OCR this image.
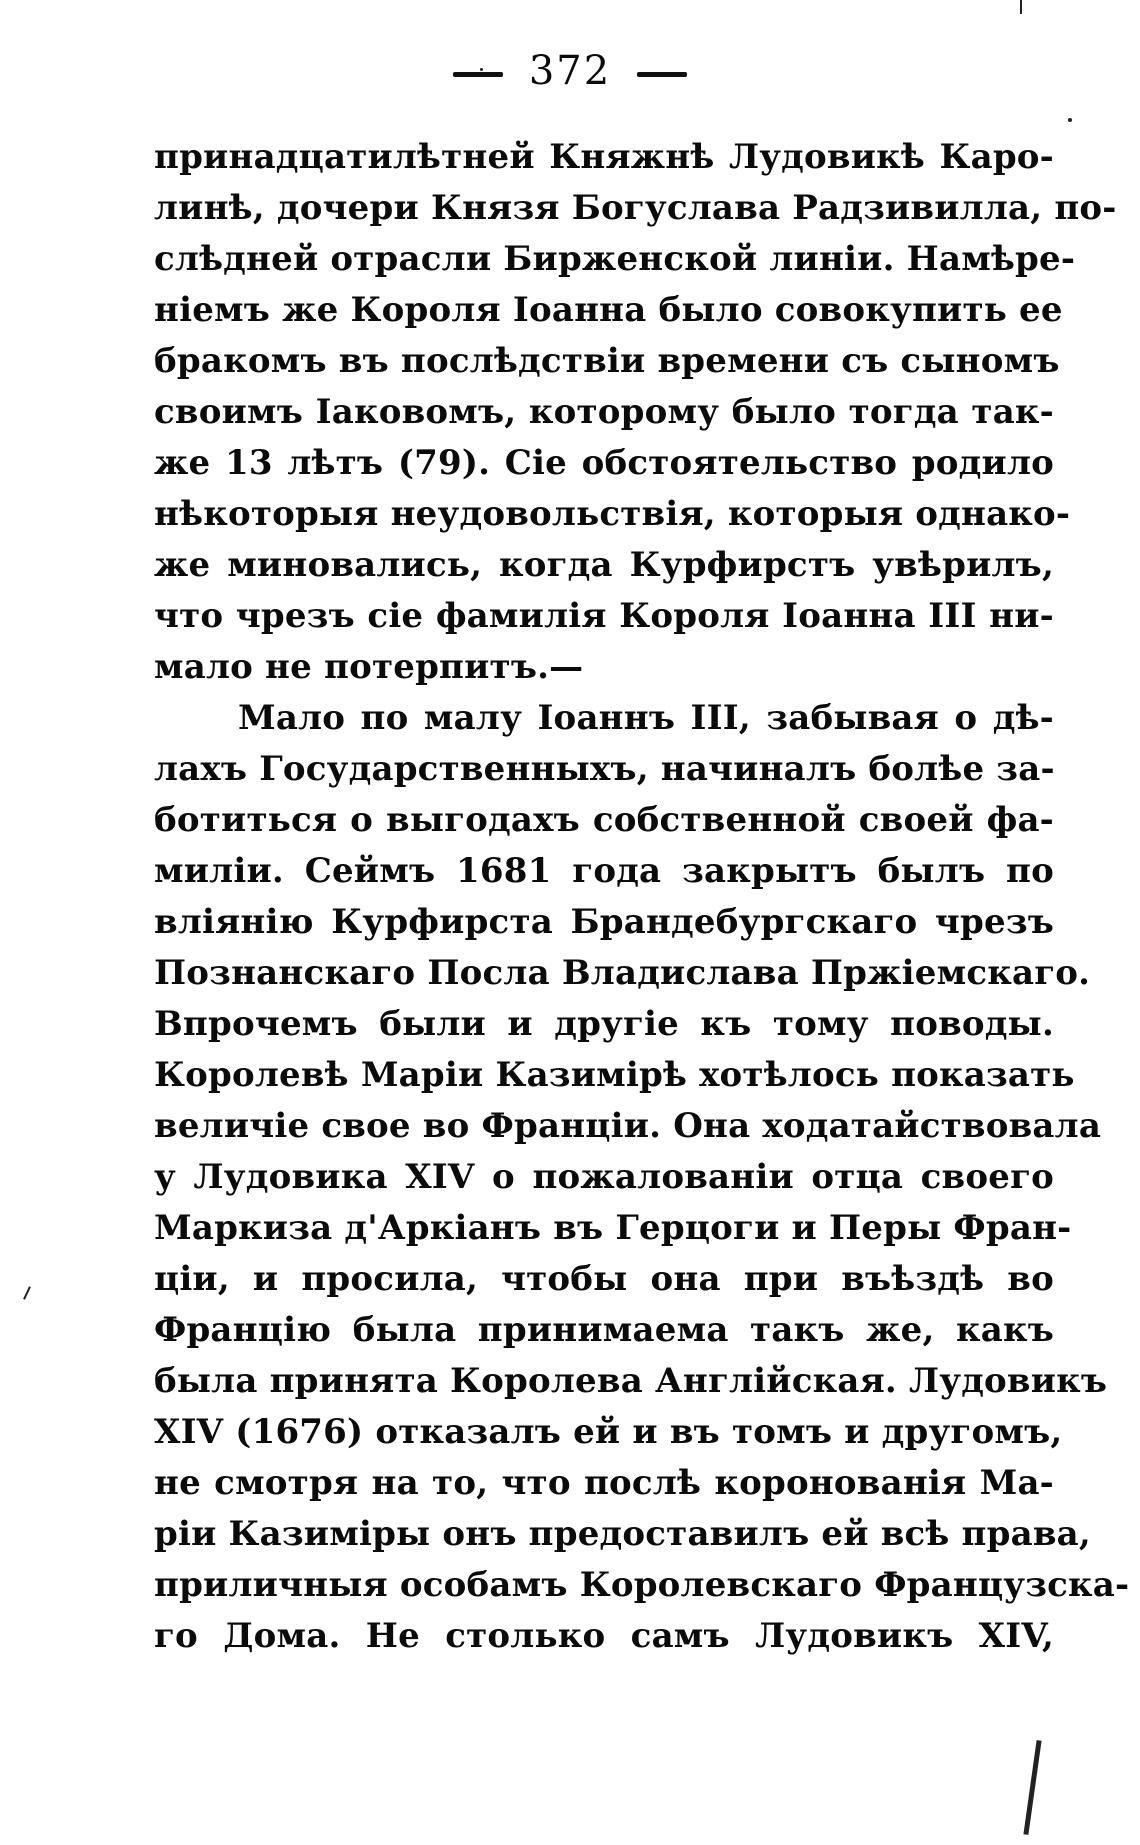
372
принадцатилѣтней Княжнѣ Лудовикѣ Каро-
линѣ, дочери Князя Богуслава Радзивилла, по-
слѣдней отрасли Бирженской линіи. Намѣре-
ніемъ же Короля Іоанна было совокупить ее
бракомъ въ послѣдствіи времени съ сыномъ
своимъ Іаковомъ, которому было тогда так-
же 13 лѣтъ (79). Сіе обстоятельство родило
нѣкоторыя неудовольствія, которыя однако-
же миновались, когда Курфирстъ увѣрилъ,
что чрезъ сіе фамилія Короля Іоанна III ни-
мало не потерпитъ.—
Мало по малу Іоаннъ III, забывая о дѣ-
лахъ Государственныхъ, начиналъ болѣе за-
ботиться о выгодахъ собственной своей фа-
миліи. Сеймъ 1681 года закрытъ былъ по
вліянію Курфирста Брандебургскаго чрезъ
Познанскаго Посла Владислава Пржіемскаго.
Впрочемъ были и другіе къ тому поводы.
Королевѣ Маріи Казимірѣ хотѣлось показать
величіе свое во Франціи. Она ходатайствовала
у Лудовика XIV о пожалованіи отца своего
Маркиза д'Аркіанъ въ Герцоги и Перы Фран-
ціи, и просила, чтобы она при въѣздѣ во
Францію была принимаема такъ же, какъ
была принята Королева Англійская. Лудовикъ
XIV (1676) отказалъ ей и въ томъ и другомъ,
не смотря на то, что послѣ коронованія Ма-
ріи Казиміры онъ предоставилъ ей всѣ права,
приличныя особамъ Королевскаго Французска-
го Дома. Не столько самъ Лудовикъ XIV,
